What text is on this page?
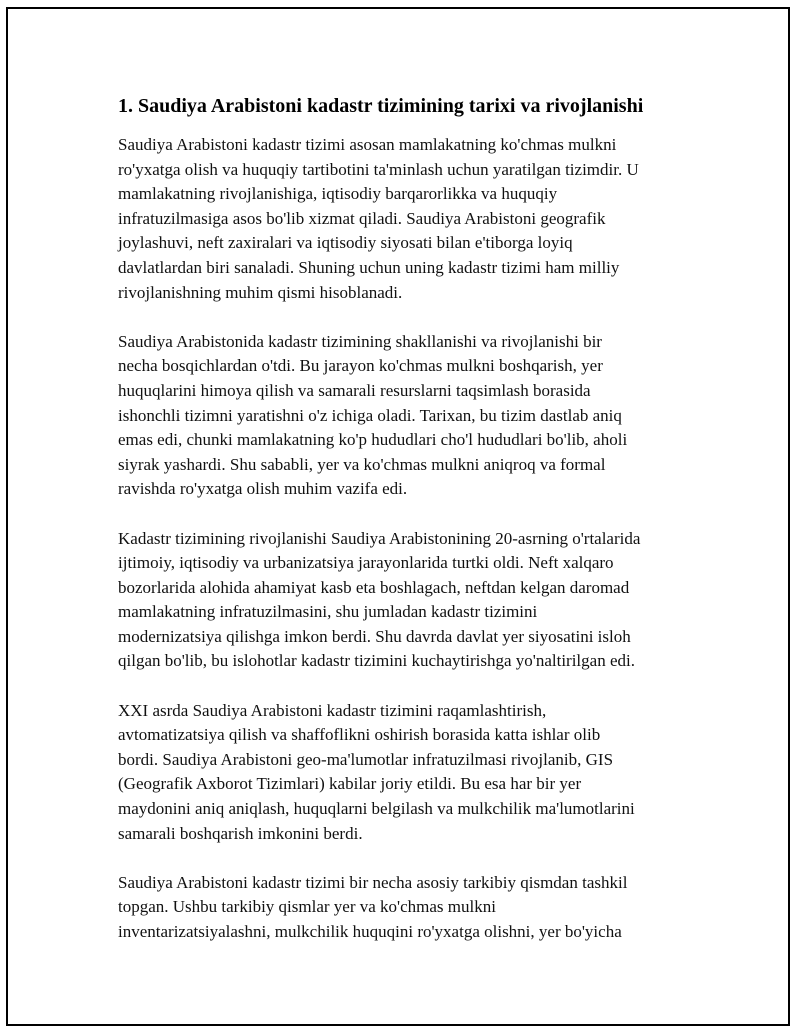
1. Saudiya Arabistoni kadastr tizimining tarixi va rivojlanishi

Saudiya Arabistoni kadastr tizimi asosan mamlakatning ko'chmas mulkni
ro'yxatga olish va huquqiy tartibotini ta'minlash uchun yaratilgan tizimdir. U
mamlakatning rivojlanishiga, iqtisodiy barqarorlikka va huquqiy
infratuzilmasiga asos bo'lib xizmat qiladi. Saudiya Arabistoni geografik
joylashuvi, neft zaxiralari va iqtisodiy siyosati bilan e'tiborga loyiq
davlatlardan biri sanaladi. Shuning uchun uning kadastr tizimi ham milliy
rivojlanishning muhim qismi hisoblanadi.

Saudiya Arabistonida kadastr tizimining shakllanishi va rivojlanishi bir
necha bosqichlardan o'tdi. Bu jarayon ko'chmas mulkni boshqarish, yer
huquqlarini himoya qilish va samarali resurslarni taqsimlash borasida
ishonchli tizimni yaratishni o'z ichiga oladi. Tarixan, bu tizim dastlab aniq
emas edi, chunki mamlakatning ko'p hududlari cho'l hududlari bo'lib, aholi
siyrak yashardi. Shu sababli, yer va ko'chmas mulkni aniqroq va formal
ravishda ro'yxatga olish muhim vazifa edi.

Kadastr tizimining rivojlanishi Saudiya Arabistonining 20-asrning o'rtalarida
ijtimoiy, iqtisodiy va urbanizatsiya jarayonlarida turtki oldi. Neft xalqaro
bozorlarida alohida ahamiyat kasb eta boshlagach, neftdan kelgan daromad
mamlakatning infratuzilmasini, shu jumladan kadastr tizimini
modernizatsiya qilishga imkon berdi. Shu davrda davlat yer siyosatini isloh
qilgan bo'lib, bu islohotlar kadastr tizimini kuchaytirishga yo'naltirilgan edi.

XXI asrda Saudiya Arabistoni kadastr tizimini raqamlashtirish,
avtomatizatsiya qilish va shaffoflikni oshirish borasida katta ishlar olib
bordi. Saudiya Arabistoni geo-ma'lumotlar infratuzilmasi rivojlanib, GIS
(Geografik Axborot Tizimlari) kabilar joriy etildi. Bu esa har bir yer
maydonini aniq aniqlash, huquqlarni belgilash va mulkchilik ma'lumotlarini
samarali boshqarish imkonini berdi.

Saudiya Arabistoni kadastr tizimi bir necha asosiy tarkibiy qismdan tashkil
topgan. Ushbu tarkibiy qismlar yer va ko'chmas mulkni
inventarizatsiyalashni, mulkchilik huquqini ro'yxatga olishni, yer bo'yicha
